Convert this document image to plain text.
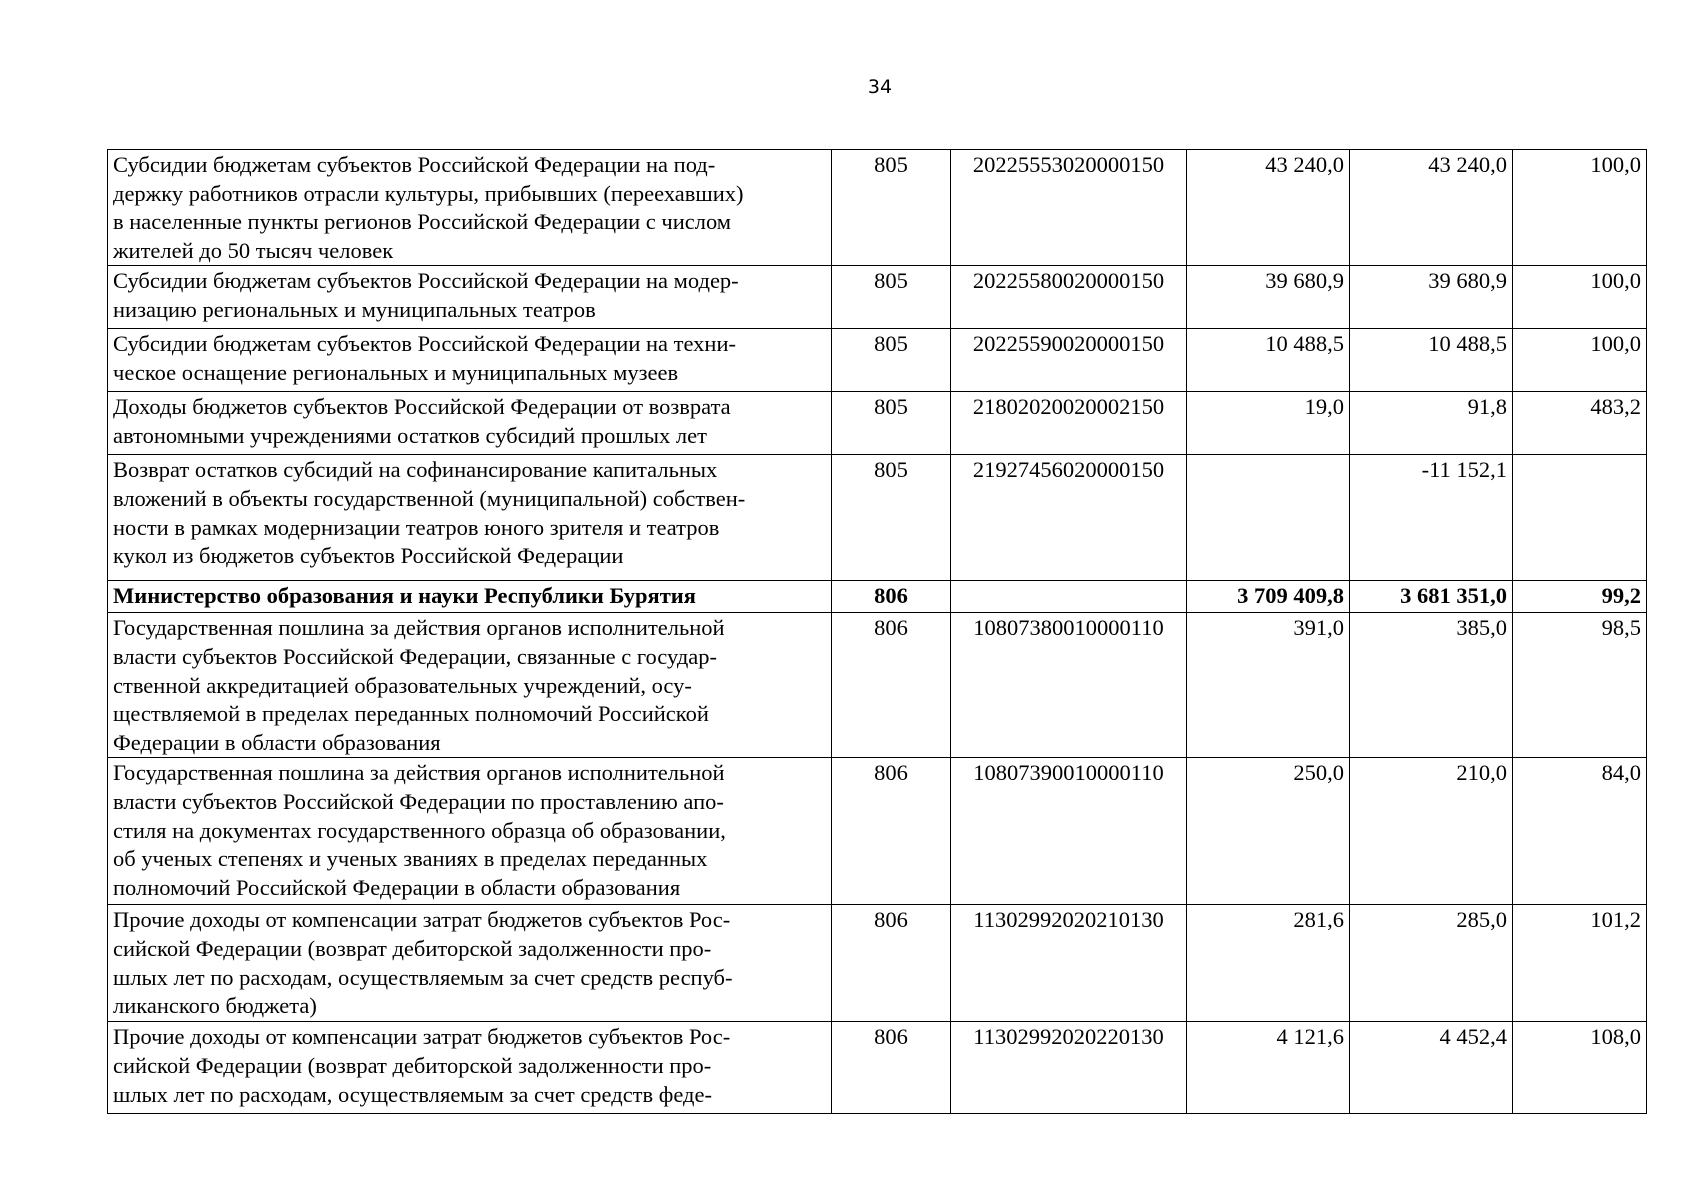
34
Субсидии бюджетам субъектов Российской Федерации на под-
держку работников отрасли культуры, прибывших (переехавших)
в населенные пункты регионов Российской Федерации с числом
жителей до 50 тысяч человек	805	20225553020000150	43 240,0	43 240,0	100,0
Субсидии бюджетам субъектов Российской Федерации на модер-
низацию региональных и муниципальных театров	805	20225580020000150	39 680,9	39 680,9	100,0
Субсидии бюджетам субъектов Российской Федерации на техни-
ческое оснащение региональных и муниципальных музеев	805	20225590020000150	10 488,5	10 488,5	100,0
Доходы бюджетов субъектов Российской Федерации от возврата
автономными учреждениями остатков субсидий прошлых лет	805	21802020020002150	19,0	91,8	483,2
Возврат остатков субсидий на софинансирование капитальных
вложений в объекты государственной (муниципальной) собствен-
ности в рамках модернизации театров юного зрителя и театров
кукол из бюджетов субъектов Российской Федерации	805	21927456020000150		-11 152,1	
Министерство образования и науки Республики Бурятия	806		3 709 409,8	3 681 351,0	99,2
Государственная пошлина за действия органов исполнительной
власти субъектов Российской Федерации, связанные с государ-
ственной аккредитацией образовательных учреждений, осу-
ществляемой в пределах переданных полномочий Российской
Федерации в области образования	806	10807380010000110	391,0	385,0	98,5
Государственная пошлина за действия органов исполнительной
власти субъектов Российской Федерации по проставлению апо-
стиля на документах государственного образца об образовании,
об ученых степенях и ученых званиях в пределах переданных
полномочий Российской Федерации в области образования	806	10807390010000110	250,0	210,0	84,0
Прочие доходы от компенсации затрат бюджетов субъектов Рос-
сийской Федерации (возврат дебиторской задолженности про-
шлых лет по расходам, осуществляемым за счет средств респуб-
ликанского бюджета)	806	11302992020210130	281,6	285,0	101,2
Прочие доходы от компенсации затрат бюджетов субъектов Рос-
сийской Федерации (возврат дебиторской задолженности про-
шлых лет по расходам, осуществляемым за счет средств феде-	806	11302992020220130	4 121,6	4 452,4	108,0
